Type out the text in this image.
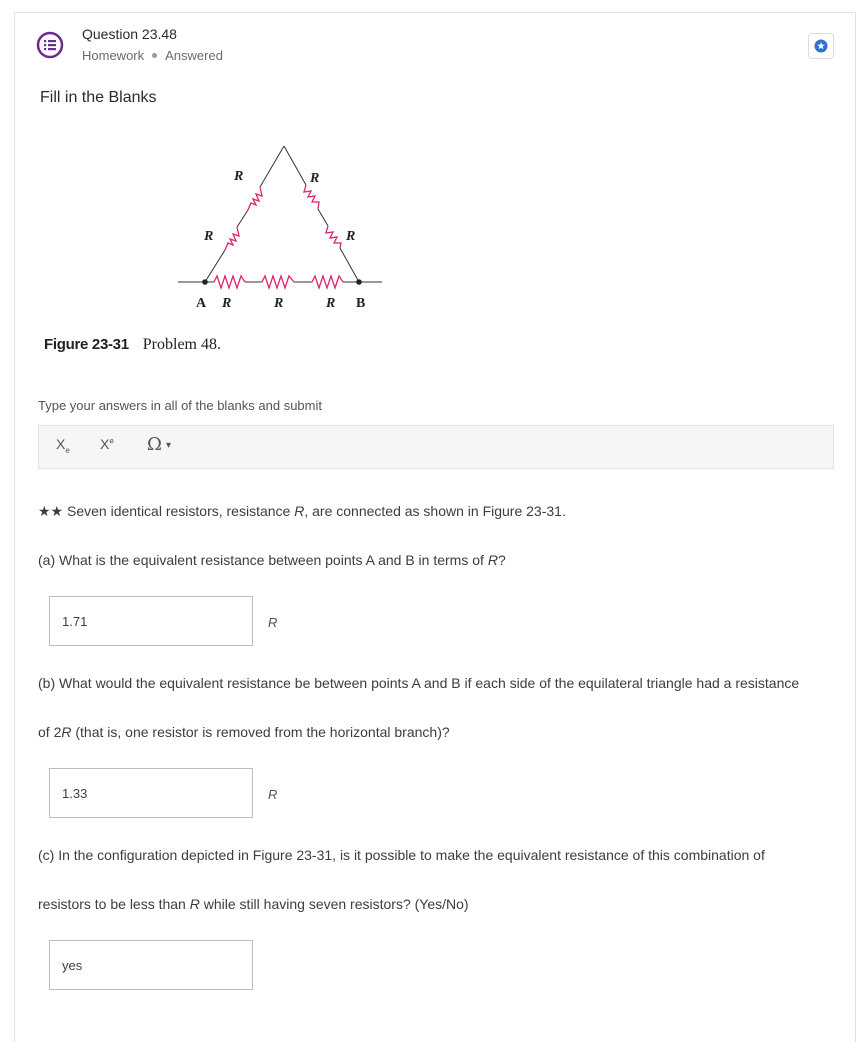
Question 23.48
Homework Answered
Fill in the Blanks
R	R
R	R
A R	R	R B
Figure 23-31 Problem 48.
Type your answers in all of the blanks and submit
$X_e$ Xe Ω ▾
★★ Seven identical resistors, resistance R, are connected as shown in Figure 23-31.
(a) What is the equivalent resistance between points A and B in terms of R?
1.71	R
(b) What would the equivalent resistance be between points A and B if each side of the equilateral triangle had a resistance
of 2R (that is, one resistor is removed from the horizontal branch)?
1.33	R
(c) In the configuration depicted in Figure 23-31, is it possible to make the equivalent resistance of this combination of
resistors to be less than R while still having seven resistors? (Yes/No)
yes
